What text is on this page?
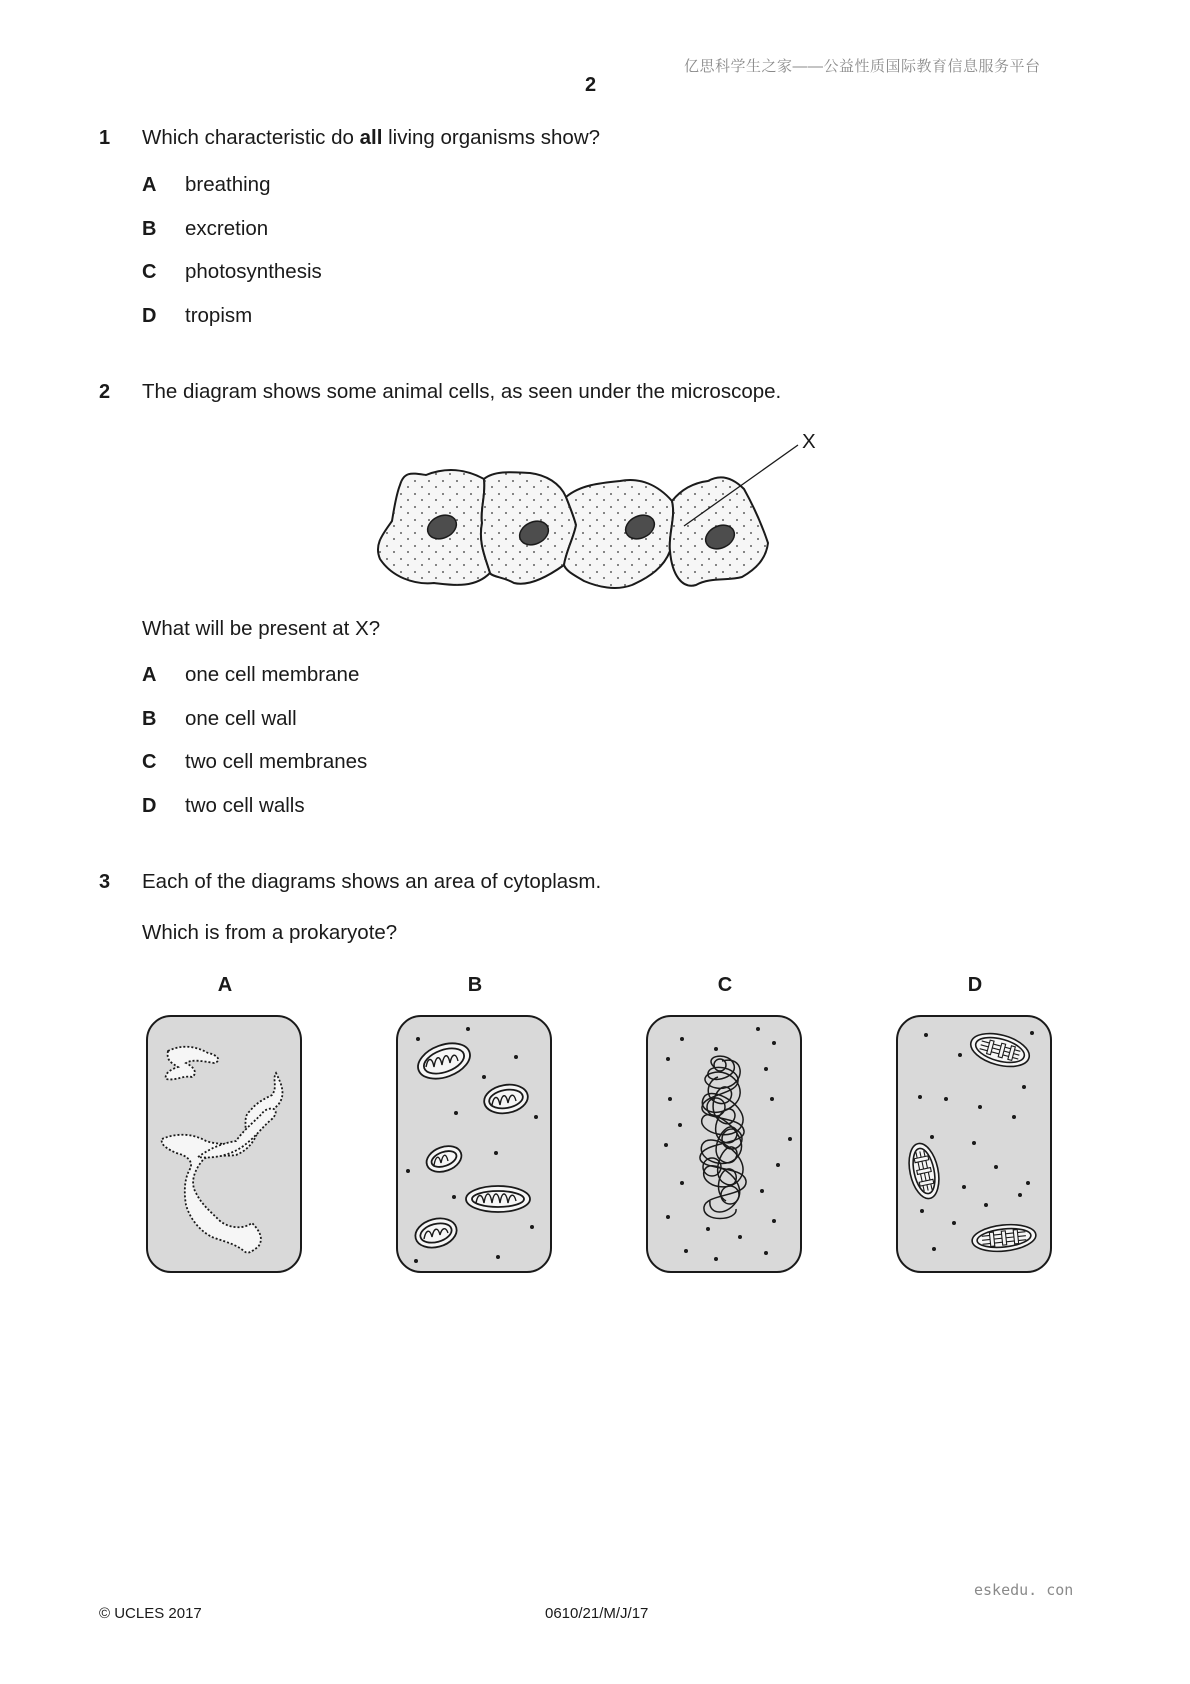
亿思科学生之家——公益性质国际教育信息服务平台
2
1 Which characteristic do all living organisms show?
A breathing
B excretion
C photosynthesis
D tropism
2 The diagram shows some animal cells, as seen under the microscope.
X
What will be present at X?
A one cell membrane
B one cell wall
C two cell membranes
D two cell walls
3 Each of the diagrams shows an area of cytoplasm.
Which is from a prokaryote?
A	B	C	D
eskedu. con
© UCLES 2017	0610/21/M/J/17
